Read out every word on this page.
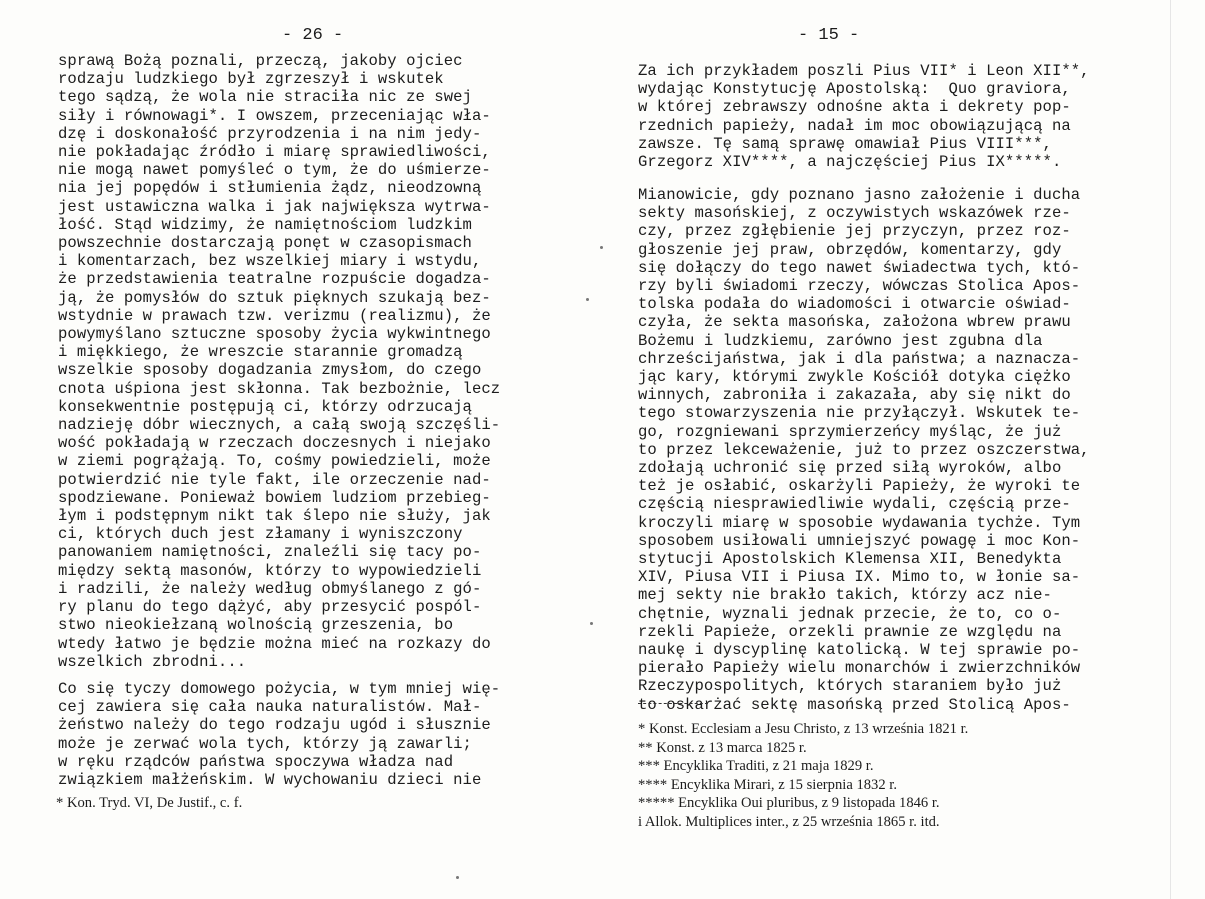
- 26 -
sprawą Bożą poznali, przeczą, jakoby ojciec
rodzaju ludzkiego był zgrzeszył i wskutek
tego sądzą, że wola nie straciła nic ze swej
siły i równowagi*. I owszem, przeceniając wła-
dzę i doskonałość przyrodzenia i na nim jedy-
nie pokładając źródło i miarę sprawiedliwości,
nie mogą nawet pomyśleć o tym, że do uśmierze-
nia jej popędów i stłumienia żądz, nieodzowną
jest ustawiczna walka i jak największa wytrwa-
łość. Stąd widzimy, że namiętnościom ludzkim
powszechnie dostarczają ponęt w czasopismach
i komentarzach, bez wszelkiej miary i wstydu,
że przedstawienia teatralne rozpuście dogadza-
ją, że pomysłów do sztuk pięknych szukają bez-
wstydnie w prawach tzw. verizmu (realizmu), że
powymyślano sztuczne sposoby życia wykwintnego
i miękkiego, że wreszcie starannie gromadzą
wszelkie sposoby dogadzania zmysłom, do czego
cnota uśpiona jest skłonna. Tak bezbożnie, lecz
konsekwentnie postępują ci, którzy odrzucają
nadzieję dóbr wiecznych, a całą swoją szczęśli-
wość pokładają w rzeczach doczesnych i niejako
w ziemi pogrążają. To, cośmy powiedzieli, może
potwierdzić nie tyle fakt, ile orzeczenie nad-
spodziewane. Ponieważ bowiem ludziom przebieg-
łym i podstępnym nikt tak ślepo nie służy, jak
ci, których duch jest złamany i wyniszczony
panowaniem namiętności, znaleźli się tacy po-
między sektą masonów, którzy to wypowiedzieli
i radzili, że należy według obmyślanego z gó-
ry planu do tego dążyć, aby przesycić pospól-
stwo nieokiełzaną wolnością grzeszenia, bo
wtedy łatwo je będzie można mieć na rozkazy do
wszelkich zbrodni...
Co się tyczy domowego pożycia, w tym mniej wię-
cej zawiera się cała nauka naturalistów. Mał-
żeństwo należy do tego rodzaju ugód i słusznie
może je zerwać wola tych, którzy ją zawarli;
w ręku rządców państwa spoczywa władza nad
związkiem małżeńskim. W wychowaniu dzieci nie
* Kon. Tryd. VI, De Justif., c. f.
- 15 -
Za ich przykładem poszli Pius VII* i Leon XII**,
wydając Konstytucję Apostolską:  Quo graviora,
w której zebrawszy odnośne akta i dekrety pop-
rzednich papieży, nadał im moc obowiązującą na
zawsze. Tę samą sprawę omawiał Pius VIII***,
Grzegorz XIV****, a najczęściej Pius IX*****.
Mianowicie, gdy poznano jasno założenie i ducha
sekty masońskiej, z oczywistych wskazówek rze-
czy, przez zgłębienie jej przyczyn, przez roz-
głoszenie jej praw, obrzędów, komentarzy, gdy
się dołączy do tego nawet świadectwa tych, któ-
rzy byli świadomi rzeczy, wówczas Stolica Apos-
tolska podała do wiadomości i otwarcie oświad-
czyła, że sekta masońska, założona wbrew prawu
Bożemu i ludzkiemu, zarówno jest zgubna dla
chrześcijaństwa, jak i dla państwa; a naznacza-
jąc kary, którymi zwykle Kościół dotyka ciężko
winnych, zabroniła i zakazała, aby się nikt do
tego stowarzyszenia nie przyłączył. Wskutek te-
go, rozgniewani sprzymierzeńcy myśląc, że już
to przez lekceważenie, już to przez oszczerstwa,
zdołają uchronić się przed siłą wyroków, albo
też je osłabić, oskarżyli Papieży, że wyroki te
częścią niesprawiedliwie wydali, częścią prze-
kroczyli miarę w sposobie wydawania tychże. Tym
sposobem usiłowali umniejszyć powagę i moc Kon-
stytucji Apostolskich Klemensa XII, Benedykta
XIV, Piusa VII i Piusa IX. Mimo to, w łonie sa-
mej sekty nie brakło takich, którzy acz nie-
chętnie, wyznali jednak przecie, że to, co o-
rzekli Papieże, orzekli prawnie ze względu na
naukę i dyscyplinę katolicką. W tej sprawie po-
pierało Papieży wielu monarchów i zwierzchników
Rzeczypospolitych, których staraniem było już
to oskarżać sektę masońską przed Stolicą Apos-
* Konst. Ecclesiam a Jesu Christo, z 13 września 1821 r.
** Konst. z 13 marca 1825 r.
*** Encyklika Traditi, z 21 maja 1829 r.
**** Encyklika Mirari, z 15 sierpnia 1832 r.
***** Encyklika Oui pluribus, z 9 listopada 1846 r.
i Allok. Multiplices inter., z 25 września 1865 r. itd.
